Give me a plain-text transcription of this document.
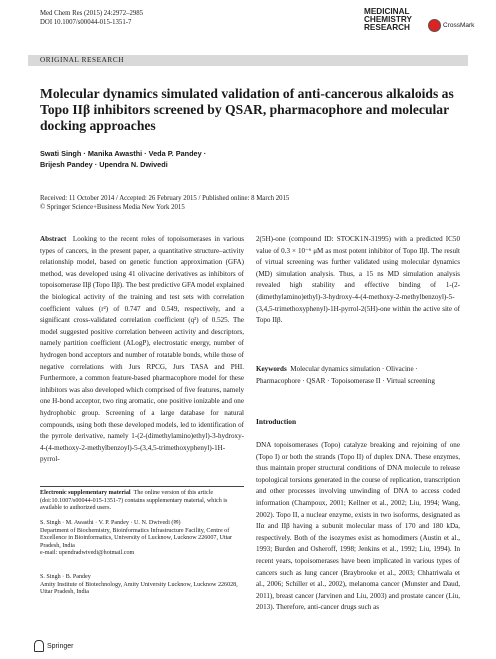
Med Chem Res (2015) 24:2972–2985
DOI 10.1007/s00044-015-1351-7
MEDICINAL
CHEMISTRY
RESEARCH	CrossMark
ORIGINAL RESEARCH
Molecular dynamics simulated validation of anti-cancerous alkaloids as Topo IIβ inhibitors screened by QSAR, pharmacophore and molecular docking approaches
Swati Singh · Manika Awasthi · Veda P. Pandey ·
Brijesh Pandey · Upendra N. Dwivedi
Received: 11 October 2014 / Accepted: 26 February 2015 / Published online: 8 March 2015
© Springer Science+Business Media New York 2015

Abstract Looking to the recent roles of topoisomerases in various types of cancers, in the present paper, a quantitative structure–activity relationship model, based on genetic function approximation (GFA) method, was developed using 41 olivacine derivatives as inhibitors of topoisomerase IIβ (Topo IIβ). The best predictive GFA model explained the biological activity of the training and test sets with correlation coefficient values (r²) of 0.747 and 0.549, respectively, and a significant cross-validated correlation coefficient (q²) of 0.525. The model suggested positive correlation between activity and descriptors, namely partition coefficient (ALogP), electrostatic energy, number of hydrogen bond acceptors and number of rotatable bonds, while those of negative correlations with Jurs RPCG, Jurs TASA and PHI. Furthermore, a common feature-based pharmacophore model for these inhibitors was also developed which comprised of five features, namely one H-bond acceptor, two ring aromatic, one positive ionizable and one hydrophobic group. Screening of a large database for natural compounds, using both these developed models, led to identification of the pyrrole derivative, namely 1-(2-(dimethylamino)ethyl)-3-hydroxy-4-(4-methoxy-2-methylbenzoyl)-5-(3,4,5-trimethoxyphenyl)-1H-pyrrol-

2(5H)-one (compound ID: STOCK1N-31995) with a predicted IC50 value of 0.3 × 10⁻⁶ μM as most potent inhibitor of Topo IIβ. The result of virtual screening was further validated using molecular dynamics (MD) simulation analysis. Thus, a 15 ns MD simulation analysis revealed high stability and effective binding of 1-(2-(dimethylamino)ethyl)-3-hydroxy-4-(4-methoxy-2-methylbenzoyl)-5-(3,4,5-trimethoxyphenyl)-1H-pyrrol-2(5H)-one within the active site of Topo IIβ.

Keywords Molecular dynamics simulation · Olivacine · Pharmacophore · QSAR · Topoisomerase II · Virtual screening
Introduction
DNA topoisomerases (Topo) catalyze breaking and rejoining of one (Topo I) or both the strands (Topo II) of duplex DNA. These enzymes, thus maintain proper structural conditions of DNA molecule to release topological torsions generated in the course of replication, transcription and other processes involving unwinding of DNA to access coded information (Champoux, 2001; Kellner et al., 2002; Liu, 1994; Wang, 2002). Topo II, a nuclear enzyme, exists in two isoforms, designated as IIα and IIβ having a subunit molecular mass of 170 and 180 kDa, respectively. Both of the isozymes exist as homodimers (Austin et al., 1993; Burden and Osheroff, 1998; Jenkins et al., 1992; Liu, 1994). In recent years, topoisomerases have been implicated in various types of cancers such as lung cancer (Braybrooke et al., 2003; Chhatriwala et al., 2006; Schiller et al., 2002), melanoma cancer (Munster and Daud, 2011), breast cancer (Jarvinen and Liu, 2003) and prostate cancer (Liu, 2013). Therefore, anti-cancer drugs such as
Electronic supplementary material The online version of this article (doi:10.1007/s00044-015-1351-7) contains supplementary material, which is available to authorized users.
S. Singh · M. Awasthi · V. P. Pandey · U. N. Dwivedi (✉)
Department of Biochemistry, Bioinformatics Infrastructure Facility, Centre of Excellence in Bioinformatics, University of Lucknow, Lucknow 226007, Uttar Pradesh, India
e-mail: upendradwivedi@hotmail.com
S. Singh · B. Pandey
Amity Institute of Biotechnology, Amity University Lucknow, Lucknow 226028, Uttar Pradesh, India
Springer
